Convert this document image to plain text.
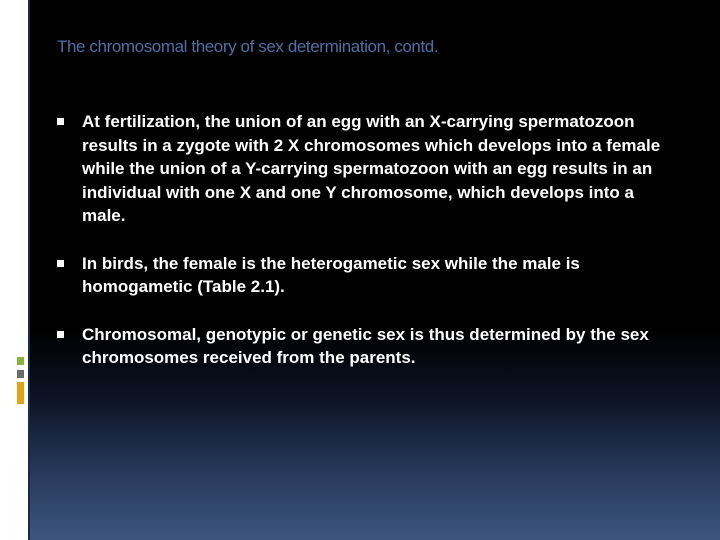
The chromosomal theory of sex determination, contd.
At fertilization, the union of an egg with an X-carrying spermatozoon results in a zygote with 2 X chromosomes which develops into a female while the union of a Y-carrying spermatozoon with an egg results in an individual with one X and one Y chromosome, which develops into a male.
In birds, the female is the heterogametic sex while the male is homogametic (Table 2.1).
Chromosomal, genotypic or genetic sex is thus determined by the sex chromosomes received from the parents.
